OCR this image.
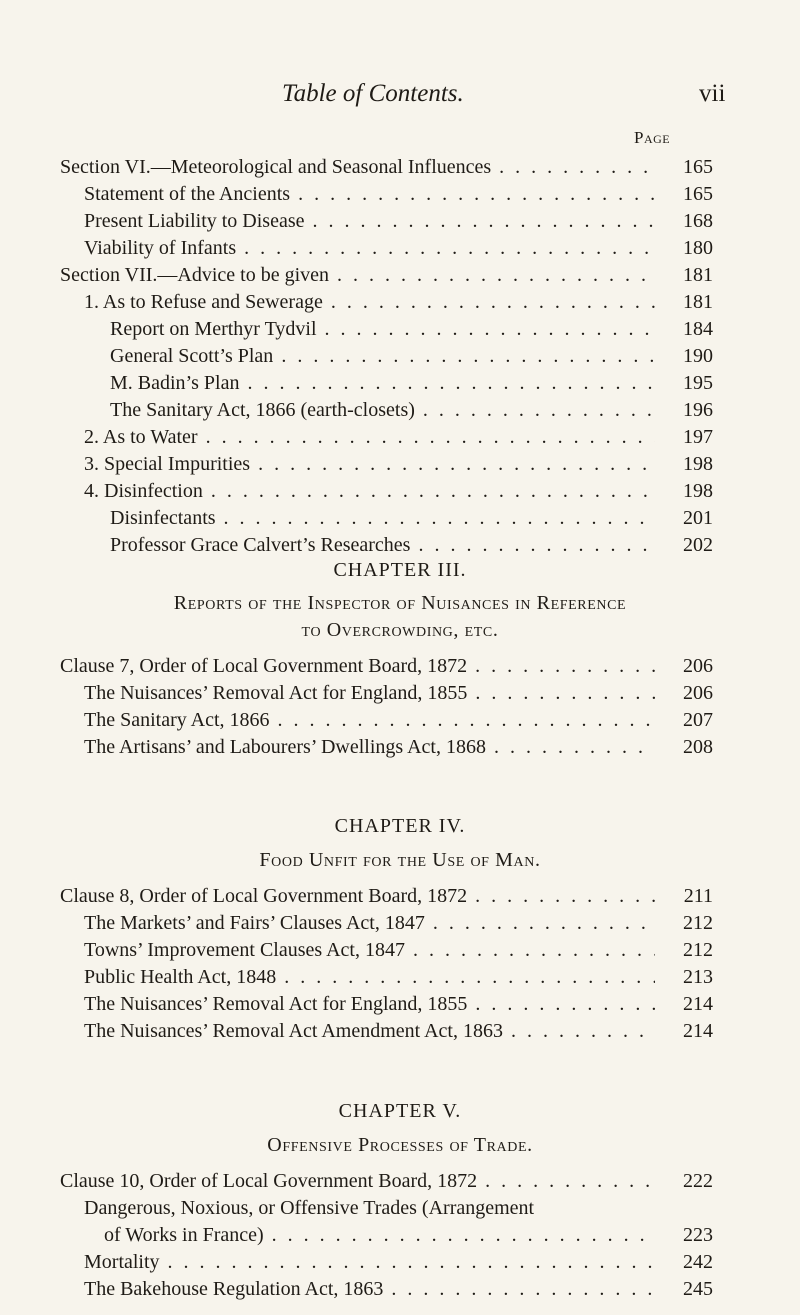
Table of Contents.	vii
Page
Section VI.—Meteorological and Seasonal Influences . . .	165
Statement of the Ancients . . .	165
Present Liability to Disease . . .	168
Viability of Infants . . .	180
Section VII.—Advice to be given . . .	181
1. As to Refuse and Sewerage . . .	181
Report on Merthyr Tydvil . . .	184
General Scott’s Plan . . .	190
M. Badin’s Plan . . .	195
The Sanitary Act, 1866 (earth-closets) . . .	196
2. As to Water . . .	197
3. Special Impurities . . .	198
4. Disinfection . . .	198
Disinfectants . . .	201
Professor Grace Calvert’s Researches . . .	202
CHAPTER III.
Reports of the Inspector of Nuisances in Reference
to Overcrowding, etc.
Clause 7, Order of Local Government Board, 1872 . . .	206
The Nuisances’ Removal Act for England, 1855 . . .	206
The Sanitary Act, 1866 . . .	207
The Artisans’ and Labourers’ Dwellings Act, 1868 . . .	208
CHAPTER IV.
Food Unfit for the Use of Man.
Clause 8, Order of Local Government Board, 1872 . . .	211
The Markets’ and Fairs’ Clauses Act, 1847 . . .	212
Towns’ Improvement Clauses Act, 1847 . . .	212
Public Health Act, 1848 . . .	213
The Nuisances’ Removal Act for England, 1855 . . .	214
The Nuisances’ Removal Act Amendment Act, 1863 . . .	214
CHAPTER V.
Offensive Processes of Trade.
Clause 10, Order of Local Government Board, 1872 . . .	222
Dangerous, Noxious, or Offensive Trades (Arrangement
of Works in France) . . .	223
Mortality . . .	242
The Bakehouse Regulation Act, 1863 . . .	245
